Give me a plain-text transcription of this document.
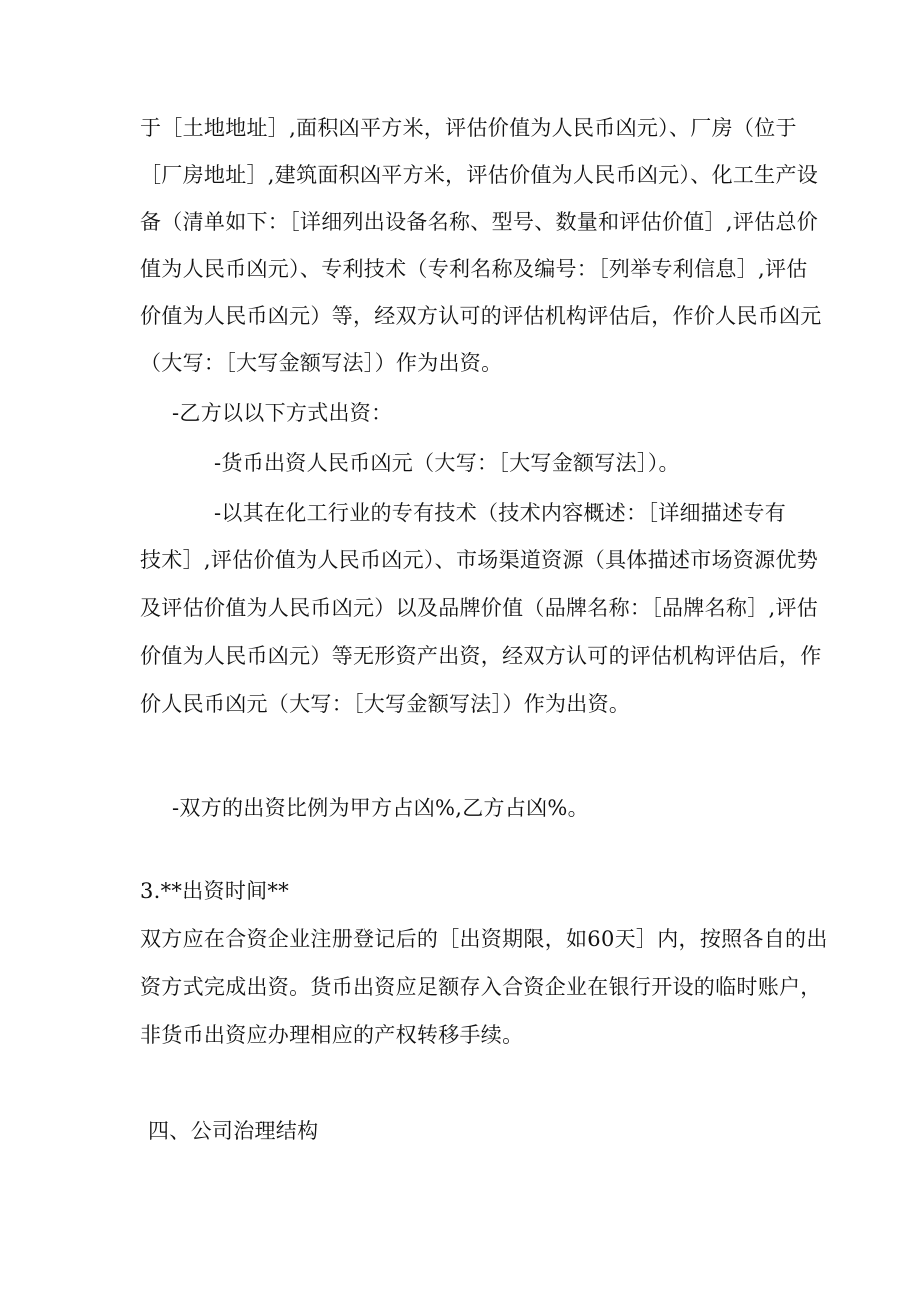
于［土地地址］,面积凶平方米，评估价值为人民币凶元）、厂房（位于
［厂房地址］,建筑面积凶平方米，评估价值为人民币凶元）、化工生产设
备（清单如下：［详细列出设备名称、型号、数量和评估价值］,评估总价
值为人民币凶元）、专利技术（专利名称及编号：［列举专利信息］,评估
价值为人民币凶元）等，经双方认可的评估机构评估后，作价人民币凶元
（大写：［大写金额写法］）作为出资。
-乙方以以下方式出资：
-货币出资人民币凶元（大写：［大写金额写法］）。
-以其在化工行业的专有技术（技术内容概述：［详细描述专有
技术］,评估价值为人民币凶元）、市场渠道资源（具体描述市场资源优势
及评估价值为人民币凶元）以及品牌价值（品牌名称：［品牌名称］,评估
价值为人民币凶元）等无形资产出资，经双方认可的评估机构评估后，作
价人民币凶元（大写：［大写金额写法］）作为出资。
-双方的出资比例为甲方占凶%,乙方占凶%。
3.**出资时间**
双方应在合资企业注册登记后的［出资期限，如60天］内，按照各自的出
资方式完成出资。货币出资应足额存入合资企业在银行开设的临时账户，
非货币出资应办理相应的产权转移手续。
四、公司治理结构
